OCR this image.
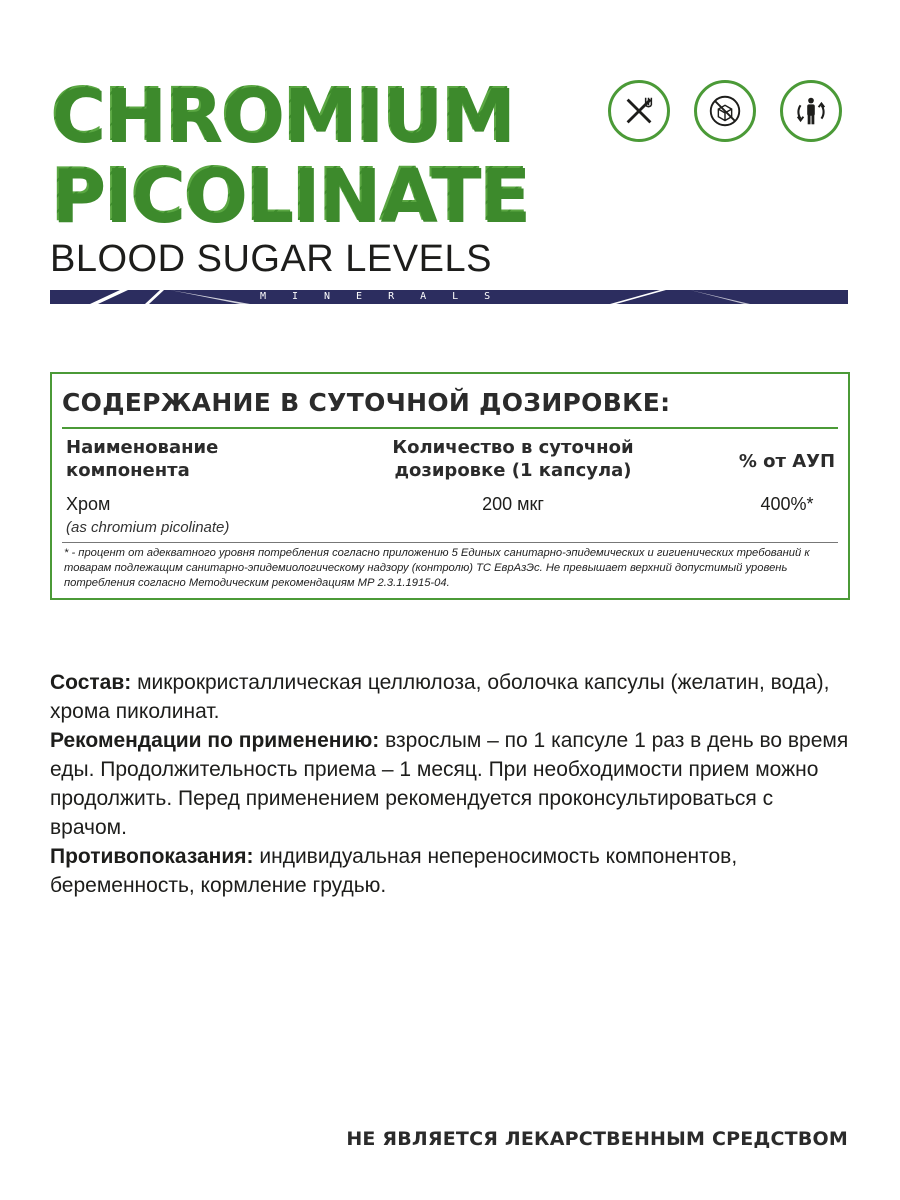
CHROMIUM
PICOLINATE
BLOOD SUGAR LEVELS
MINERALS
СОДЕРЖАНИЕ В СУТОЧНОЙ ДОЗИРОВКЕ:
Наименование компонента
Количество в суточной дозировке (1 капсула)	% от АУП
Хром
(as chromium picolinate)
200 мкг	400%*

* - процент от адекватного уровня потребления согласно приложению 5 Единых санитарно-эпидемических и гигиенических требований к товарам подлежащим санитарно-эпидемиологическому надзору (контролю) ТС ЕврАзЭс. Не превышает верхний допустимый уровень потребления согласно Методическим рекомендациям МР 2.3.1.1915-04.

Состав: микрокристаллическая целлюлоза, оболочка капсулы (желатин, вода), хрома пиколинат.

Рекомендации по применению: взрослым – по 1 капсуле 1 раз в день во время еды. Продолжительность приема – 1 месяц. При необходимости прием можно продолжить. Перед применением рекомендуется проконсультироваться с врачом.

Противопоказания: индивидуальная непереносимость компонентов, беременность, кормление грудью.

НЕ ЯВЛЯЕТСЯ ЛЕКАРСТВЕННЫМ СРЕДСТВОМ
